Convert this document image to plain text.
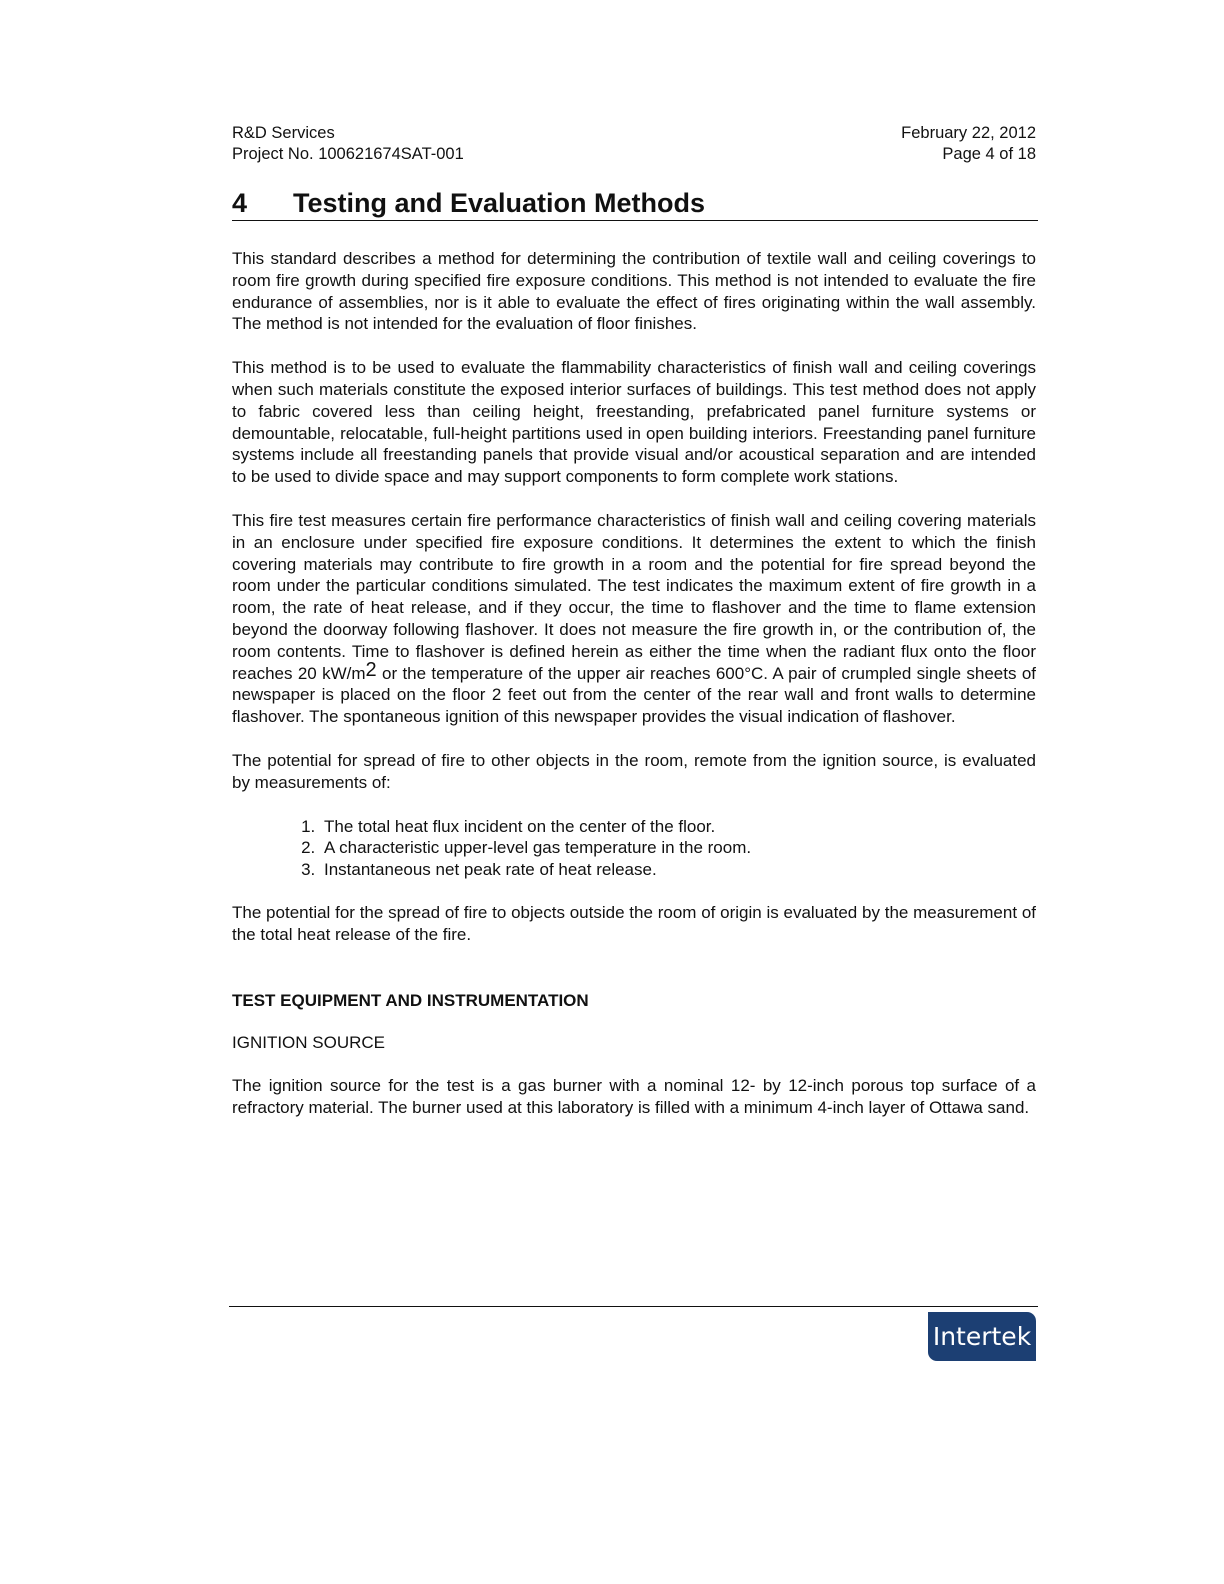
R&D Services
Project No. 100621674SAT-001
February 22, 2012
Page 4 of 18
4 Testing and Evaluation Methods

This standard describes a method for determining the contribution of textile wall and ceiling coverings to room fire growth during specified fire exposure conditions. This method is not intended to evaluate the fire endurance of assemblies, nor is it able to evaluate the effect of fires originating within the wall assembly. The method is not intended for the evaluation of floor finishes.

This method is to be used to evaluate the flammability characteristics of finish wall and ceiling coverings when such materials constitute the exposed interior surfaces of buildings. This test method does not apply to fabric covered less than ceiling height, freestanding, prefabricated panel furniture systems or demountable, relocatable, full-height partitions used in open building interiors. Freestanding panel furniture systems include all freestanding panels that provide visual and/or acoustical separation and are intended to be used to divide space and may support components to form complete work stations.

This fire test measures certain fire performance characteristics of finish wall and ceiling covering materials in an enclosure under specified fire exposure conditions. It determines the extent to which the finish covering materials may contribute to fire growth in a room and the potential for fire spread beyond the room under the particular conditions simulated. The test indicates the maximum extent of fire growth in a room, the rate of heat release, and if they occur, the time to flashover and the time to flame extension beyond the doorway following flashover. It does not measure the fire growth in, or the contribution of, the room contents. Time to flashover is defined herein as either the time when the radiant flux onto the floor reaches 20 $kW/m^2$ or the temperature of the upper air reaches 600°C. A pair of crumpled single sheets of newspaper is placed on the floor 2 feet out from the center of the rear wall and front walls to determine flashover. The spontaneous ignition of this newspaper provides the visual indication of flashover.

The potential for spread of fire to other objects in the room, remote from the ignition source, is evaluated by measurements of:

1. The total heat flux incident on the center of the floor.
2. A characteristic upper-level gas temperature in the room.
3. Instantaneous net peak rate of heat release.

The potential for the spread of fire to objects outside the room of origin is evaluated by the measurement of the total heat release of the fire.

TEST EQUIPMENT AND INSTRUMENTATION
IGNITION SOURCE

The ignition source for the test is a gas burner with a nominal 12- by 12-inch porous top surface of a refractory material. The burner used at this laboratory is filled with a minimum 4-inch layer of Ottawa sand.

Intertek
